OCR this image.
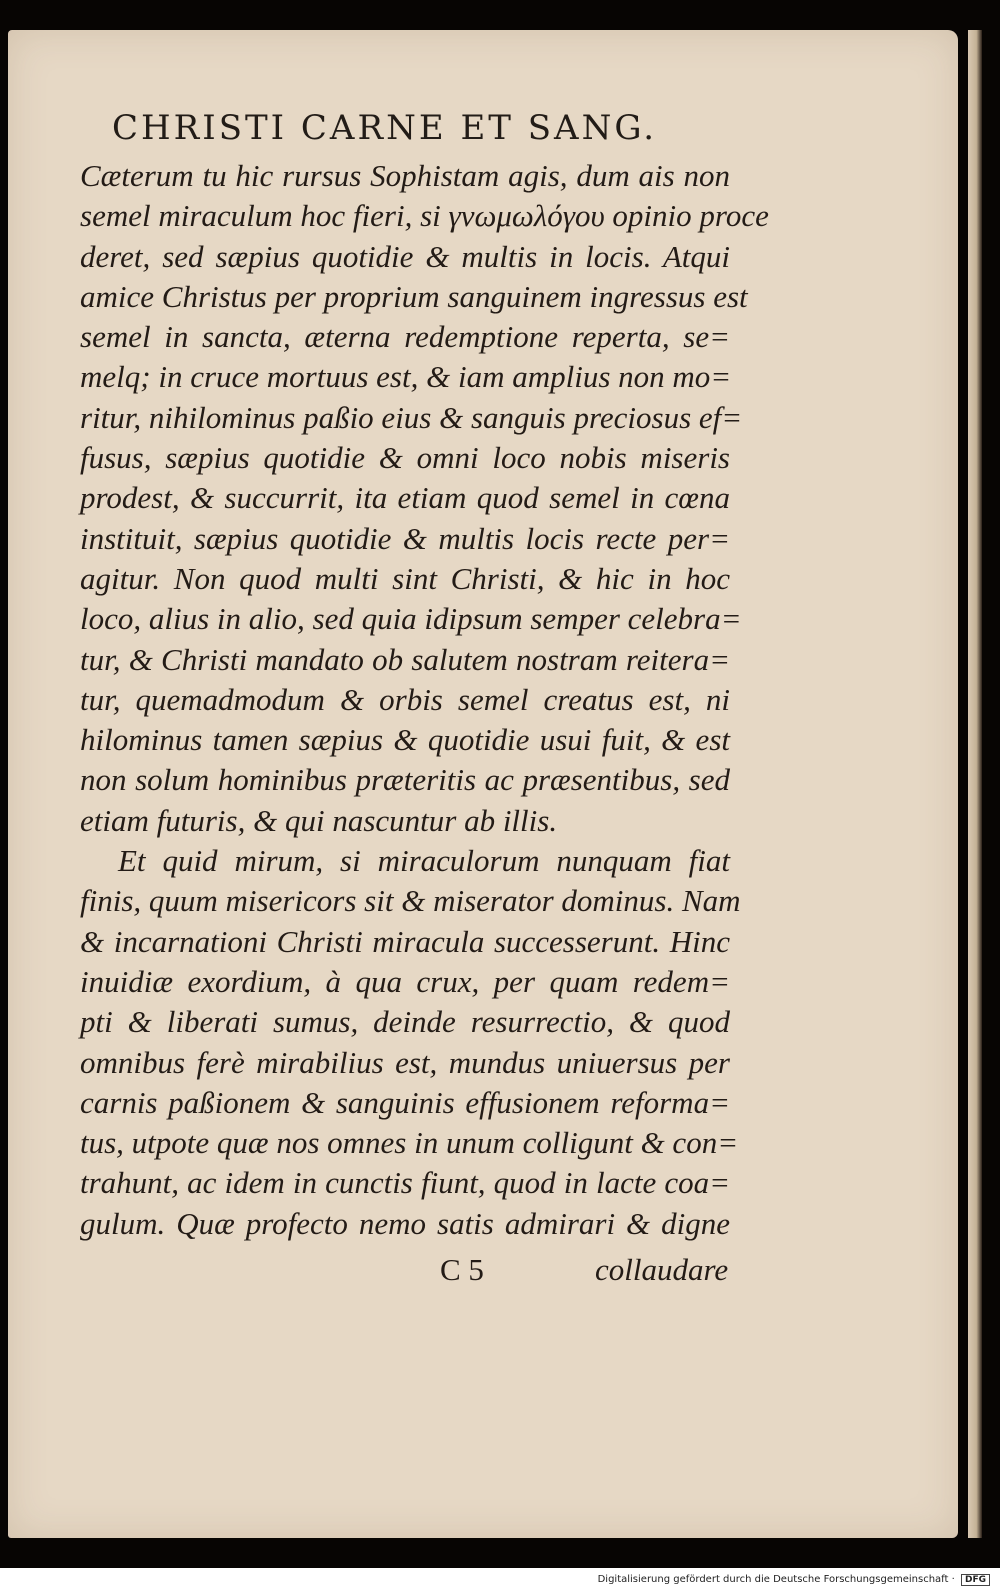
CHRISTI CARNE ET SANG.
Cæterum tu hic rursus Sophistam agis, dum ais non
semel miraculum hoc fieri, si γνωμωλόγου opinio proce
deret, sed sæpius quotidie & multis in locis. Atqui
amice Christus per proprium sanguinem ingressus est
semel in sancta, æterna redemptione reperta, se=
melq; in cruce mortuus est, & iam amplius non mo=
ritur, nihilominus paßio eius & sanguis preciosus ef=
fusus, sæpius quotidie & omni loco nobis miseris
prodest, & succurrit, ita etiam quod semel in cœna
instituit, sæpius quotidie & multis locis recte per=
agitur. Non quod multi sint Christi, & hic in hoc
loco, alius in alio, sed quia idipsum semper celebra=
tur, & Christi mandato ob salutem nostram reitera=
tur, quemadmodum & orbis semel creatus est, ni
hilominus tamen sæpius & quotidie usui fuit, & est
non solum hominibus præteritis ac præsentibus, sed
etiam futuris, & qui nascuntur ab illis.
Et quid mirum, si miraculorum nunquam fiat
finis, quum misericors sit & miserator dominus. Nam
& incarnationi Christi miracula successerunt. Hinc
inuidiæ exordium, à qua crux, per quam redem=
pti & liberati sumus, deinde resurrectio, & quod
omnibus ferè mirabilius est, mundus uniuersus per
carnis paßionem & sanguinis effusionem reforma=
tus, utpote quæ nos omnes in unum colligunt & con=
trahunt, ac idem in cunctis fiunt, quod in lacte coa=
gulum. Quæ profecto nemo satis admirari & digne
C 5	collaudare
Digitalisierung gefördert durch die Deutsche Forschungsgemeinschaft · DFG
